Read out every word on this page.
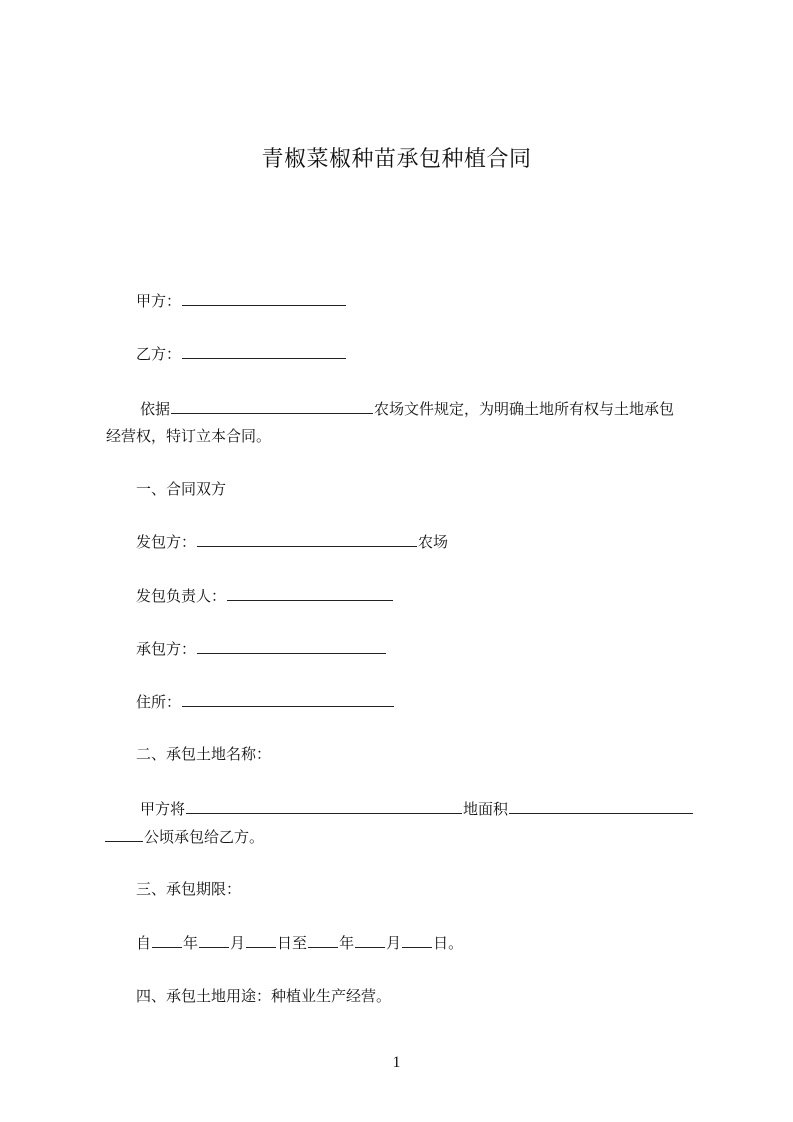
青椒菜椒种苗承包种植合同
甲方：
乙方：
依据	农场文件规定，为明确土地所有权与土地承包
经营权，特订立本合同。
一、合同双方
发包方：	农场
发包负责人：
承包方：
住所：
二、承包土地名称：
甲方将	地面积
公顷承包给乙方。
三、承包期限：
自 年 月 日至 年 月 日。
四、承包土地用途：种植业生产经营。
1
